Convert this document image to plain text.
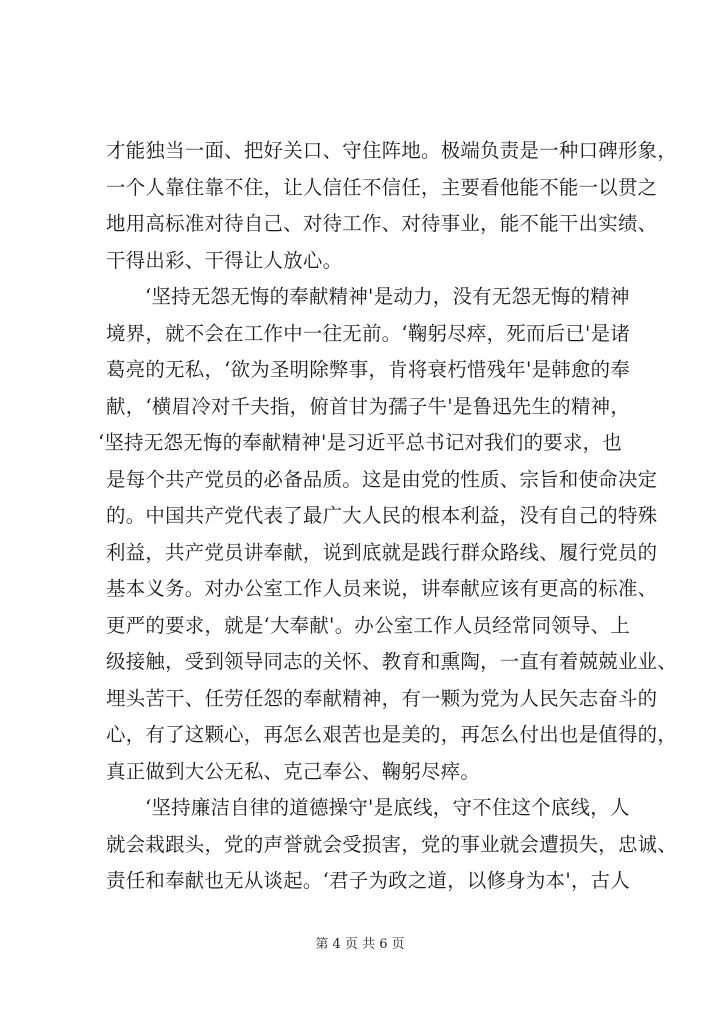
才能独当一面、把好关口、守住阵地。极端负责是一种口碑形象，
一个人靠住靠不住，让人信任不信任，主要看他能不能一以贯之
地用高标准对待自己、对待工作、对待事业，能不能干出实绩、
干得出彩、干得让人放心。
‘坚持无怨无悔的奉献精神'是动力，没有无怨无悔的精神
境界，就不会在工作中一往无前。‘鞠躬尽瘁，死而后已'是诸
葛亮的无私，‘欲为圣明除弊事，肯将衰朽惜残年'是韩愈的奉
献，‘横眉冷对千夫指，俯首甘为孺子牛'是鲁迅先生的精神，
‘坚持无怨无悔的奉献精神'是习近平总书记对我们的要求，也
是每个共产党员的必备品质。这是由党的性质、宗旨和使命决定
的。中国共产党代表了最广大人民的根本利益，没有自己的特殊
利益，共产党员讲奉献，说到底就是践行群众路线、履行党员的
基本义务。对办公室工作人员来说，讲奉献应该有更高的标准、
更严的要求，就是‘大奉献'。办公室工作人员经常同领导、上
级接触，受到领导同志的关怀、教育和熏陶，一直有着兢兢业业、
埋头苦干、任劳任怨的奉献精神，有一颗为党为人民矢志奋斗的
心，有了这颗心，再怎么艰苦也是美的，再怎么付出也是值得的，
真正做到大公无私、克己奉公、鞠躬尽瘁。
‘坚持廉洁自律的道德操守'是底线，守不住这个底线，人
就会栽跟头，党的声誉就会受损害，党的事业就会遭损失，忠诚、
责任和奉献也无从谈起。‘君子为政之道，以修身为本'，古人
第 4 页 共 6 页
